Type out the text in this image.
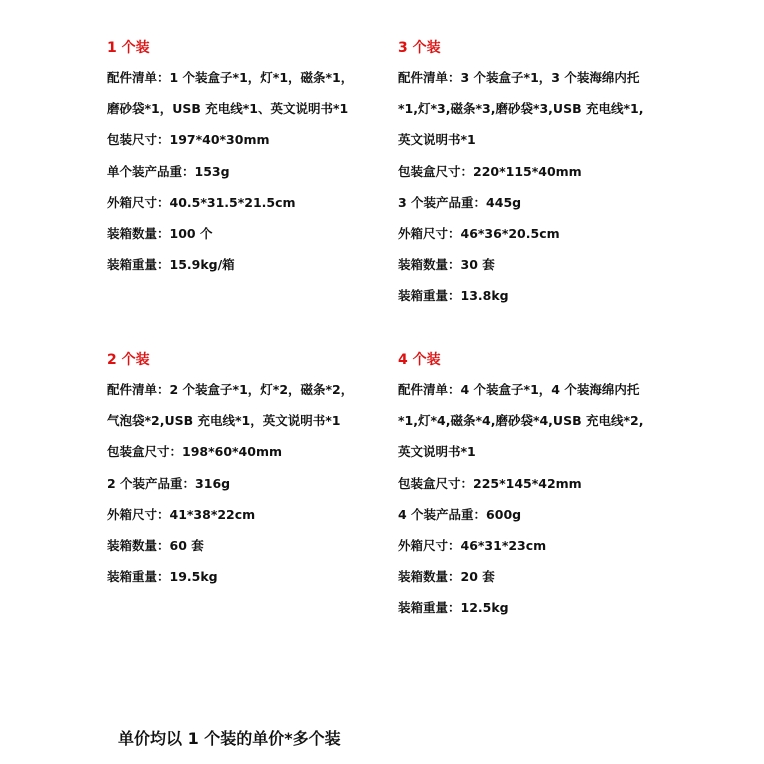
1 个装
配件清单：1 个装盒子*1，灯*1，磁条*1，
磨砂袋*1，USB 充电线*1、英文说明书*1
包装尺寸：197*40*30mm
单个装产品重：153g
外箱尺寸：40.5*31.5*21.5cm
装箱数量：100 个
装箱重量：15.9kg/箱
3 个装
配件清单：3 个装盒子*1，3 个装海绵内托
*1,灯*3,磁条*3,磨砂袋*3,USB 充电线*1,
英文说明书*1
包装盒尺寸：220*115*40mm
3 个装产品重：445g
外箱尺寸：46*36*20.5cm
装箱数量：30 套
装箱重量：13.8kg
2 个装
配件清单：2 个装盒子*1，灯*2，磁条*2，
气泡袋*2,USB 充电线*1，英文说明书*1
包装盒尺寸：198*60*40mm
2 个装产品重：316g
外箱尺寸：41*38*22cm
装箱数量：60 套
装箱重量：19.5kg
4 个装
配件清单：4 个装盒子*1，4 个装海绵内托
*1,灯*4,磁条*4,磨砂袋*4,USB 充电线*2,
英文说明书*1
包装盒尺寸：225*145*42mm
4 个装产品重：600g
外箱尺寸：46*31*23cm
装箱数量：20 套
装箱重量：12.5kg
单价均以 1 个装的单价*多个装
